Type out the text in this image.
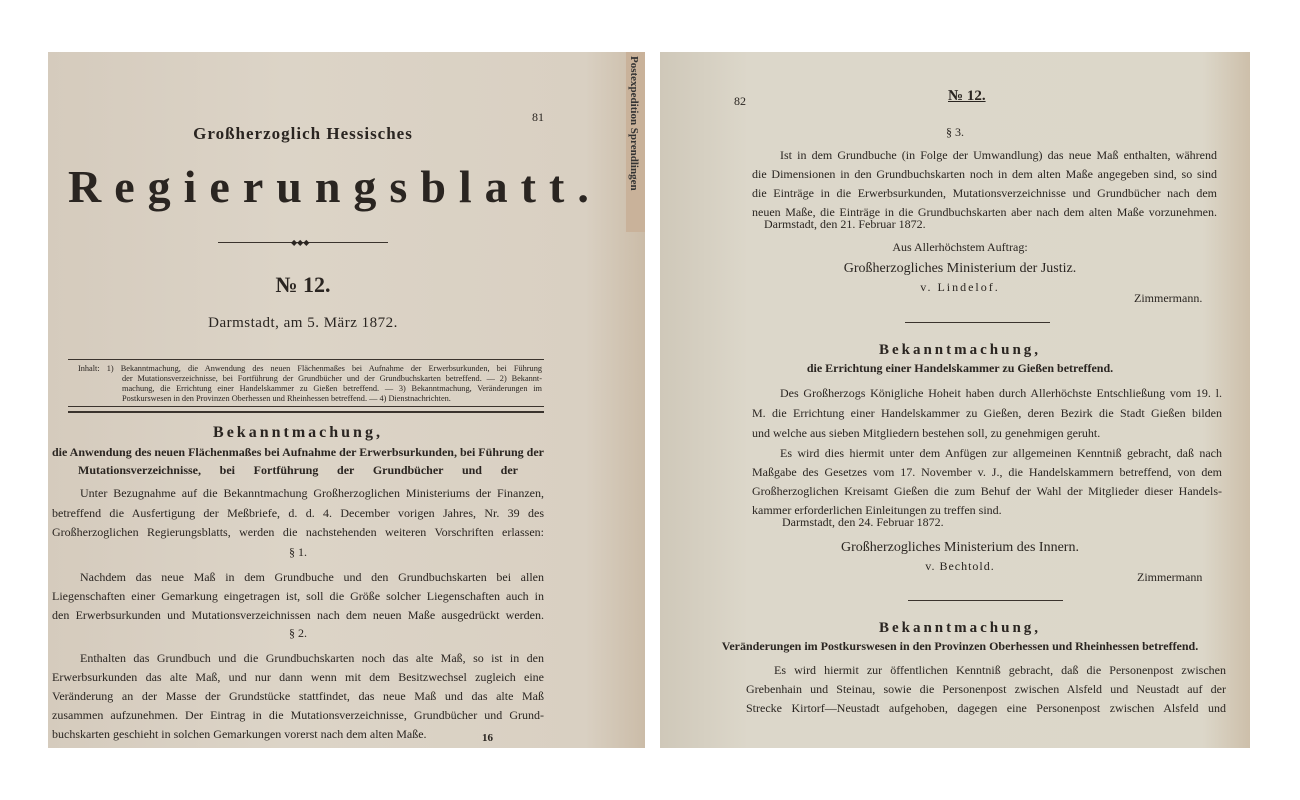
Postexpedition Sprendlingen
81
Großherzoglich Hessisches
Regierungsblatt.
◆◆◆
№ 12.
Darmstadt, am 5. März 1872.
Inhalt: 1) Bekanntmachung, die Anwendung des neuen Flächenmaßes bei Aufnahme der Erwerbsurkunden, bei Führung
der Mutationsverzeichnisse, bei Fortführung der Grundbücher und der Grundbuchskarten betreffend. — 2) Bekannt-
machung, die Errichtung einer Handelskammer zu Gießen betreffend. — 3) Bekanntmachung, Veränderungen im
Postkurswesen in den Provinzen Oberhessen und Rheinhessen betreffend. — 4) Dienstnachrichten.
Bekanntmachung,
die Anwendung des neuen Flächenmaßes bei Aufnahme der Erwerbsurkunden, bei Führung der
Mutationsverzeichnisse, bei Fortführung der Grundbücher und der
Unter Bezugnahme auf die Bekanntmachung Großherzoglichen Ministeriums der Finanzen,
betreffend die Ausfertigung der Meßbriefe, d. d. 4. December vorigen Jahres, Nr. 39 des
Großherzoglichen Regierungsblatts, werden die nachstehenden weiteren Vorschriften erlassen:
§ 1.
Nachdem das neue Maß in dem Grundbuche und den Grundbuchskarten bei allen
Liegenschaften einer Gemarkung eingetragen ist, soll die Größe solcher Liegenschaften auch in
den Erwerbsurkunden und Mutationsverzeichnissen nach dem neuen Maße ausgedrückt werden.
§ 2.
Enthalten das Grundbuch und die Grundbuchskarten noch das alte Maß, so ist in den
Erwerbsurkunden das alte Maß, und nur dann wenn mit dem Besitzwechsel zugleich eine
Veränderung an der Masse der Grundstücke stattfindet, das neue Maß und das alte Maß
zusammen aufzunehmen. Der Eintrag in die Mutationsverzeichnisse, Grundbücher und Grund-
buchskarten geschieht in solchen Gemarkungen vorerst nach dem alten Maße.	16
82	№ 12.
§ 3.
Ist in dem Grundbuche (in Folge der Umwandlung) das neue Maß enthalten, während
die Dimensionen in den Grundbuchskarten noch in dem alten Maße angegeben sind, so sind
die Einträge in die Erwerbsurkunden, Mutationsverzeichnisse und Grundbücher nach dem
neuen Maße, die Einträge in die Grundbuchskarten aber nach dem alten Maße vorzunehmen.
Darmstadt, den 21. Februar 1872.
Aus Allerhöchstem Auftrag:
Großherzogliches Ministerium der Justiz.
v. Lindelof.
Zimmermann.
Bekanntmachung,
die Errichtung einer Handelskammer zu Gießen betreffend.
Des Großherzogs Königliche Hoheit haben durch Allerhöchste Entschließung vom 19. l.
M. die Errichtung einer Handelskammer zu Gießen, deren Bezirk die Stadt Gießen bilden
und welche aus sieben Mitgliedern bestehen soll, zu genehmigen geruht.
Es wird dies hiermit unter dem Anfügen zur allgemeinen Kenntniß gebracht, daß nach
Maßgabe des Gesetzes vom 17. November v. J., die Handelskammern betreffend, von dem
Großherzoglichen Kreisamt Gießen die zum Behuf der Wahl der Mitglieder dieser Handels-
kammer erforderlichen Einleitungen zu treffen sind.
Darmstadt, den 24. Februar 1872.
Großherzogliches Ministerium des Innern.
v. Bechtold.
Zimmermann
Bekanntmachung,
Veränderungen im Postkurswesen in den Provinzen Oberhessen und Rheinhessen betreffend.
Es wird hiermit zur öffentlichen Kenntniß gebracht, daß die Personenpost zwischen
Grebenhain und Steinau, sowie die Personenpost zwischen Alsfeld und Neustadt auf der
Strecke Kirtorf—Neustadt aufgehoben, dagegen eine Personenpost zwischen Alsfeld und
